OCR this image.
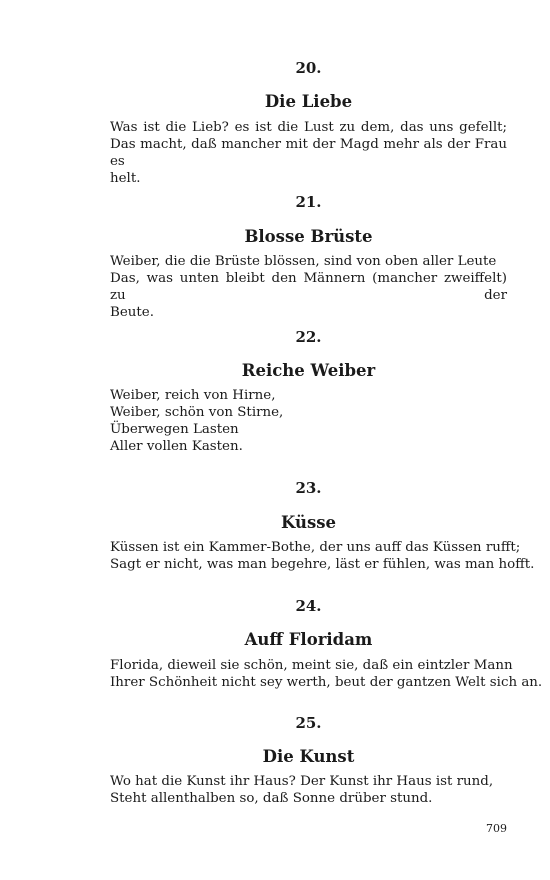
20.
Die Liebe
Was ist die Lieb? es ist die Lust zu dem, das uns gefellt;
Das macht, daß mancher mit der Magd mehr als der Frau es
helt.
21.
Blosse Brüste
Weiber, die die Brüste blössen, sind von oben aller Leute
Das, was unten bleibt den Männern (mancher zweiffelt) zu der
Beute.
22.
Reiche Weiber
Weiber, reich von Hirne,
Weiber, schön von Stirne,
Überwegen Lasten
Aller vollen Kasten.
23.
Küsse
Küssen ist ein Kammer-Bothe, der uns auff das Küssen rufft;
Sagt er nicht, was man begehre, läst er fühlen, was man hofft.
24.
Auff Floridam
Florida, dieweil sie schön, meint sie, daß ein eintzler Mann
Ihrer Schönheit nicht sey werth, beut der gantzen Welt sich an.
25.
Die Kunst
Wo hat die Kunst ihr Haus? Der Kunst ihr Haus ist rund,
Steht allenthalben so, daß Sonne drüber stund.
709
